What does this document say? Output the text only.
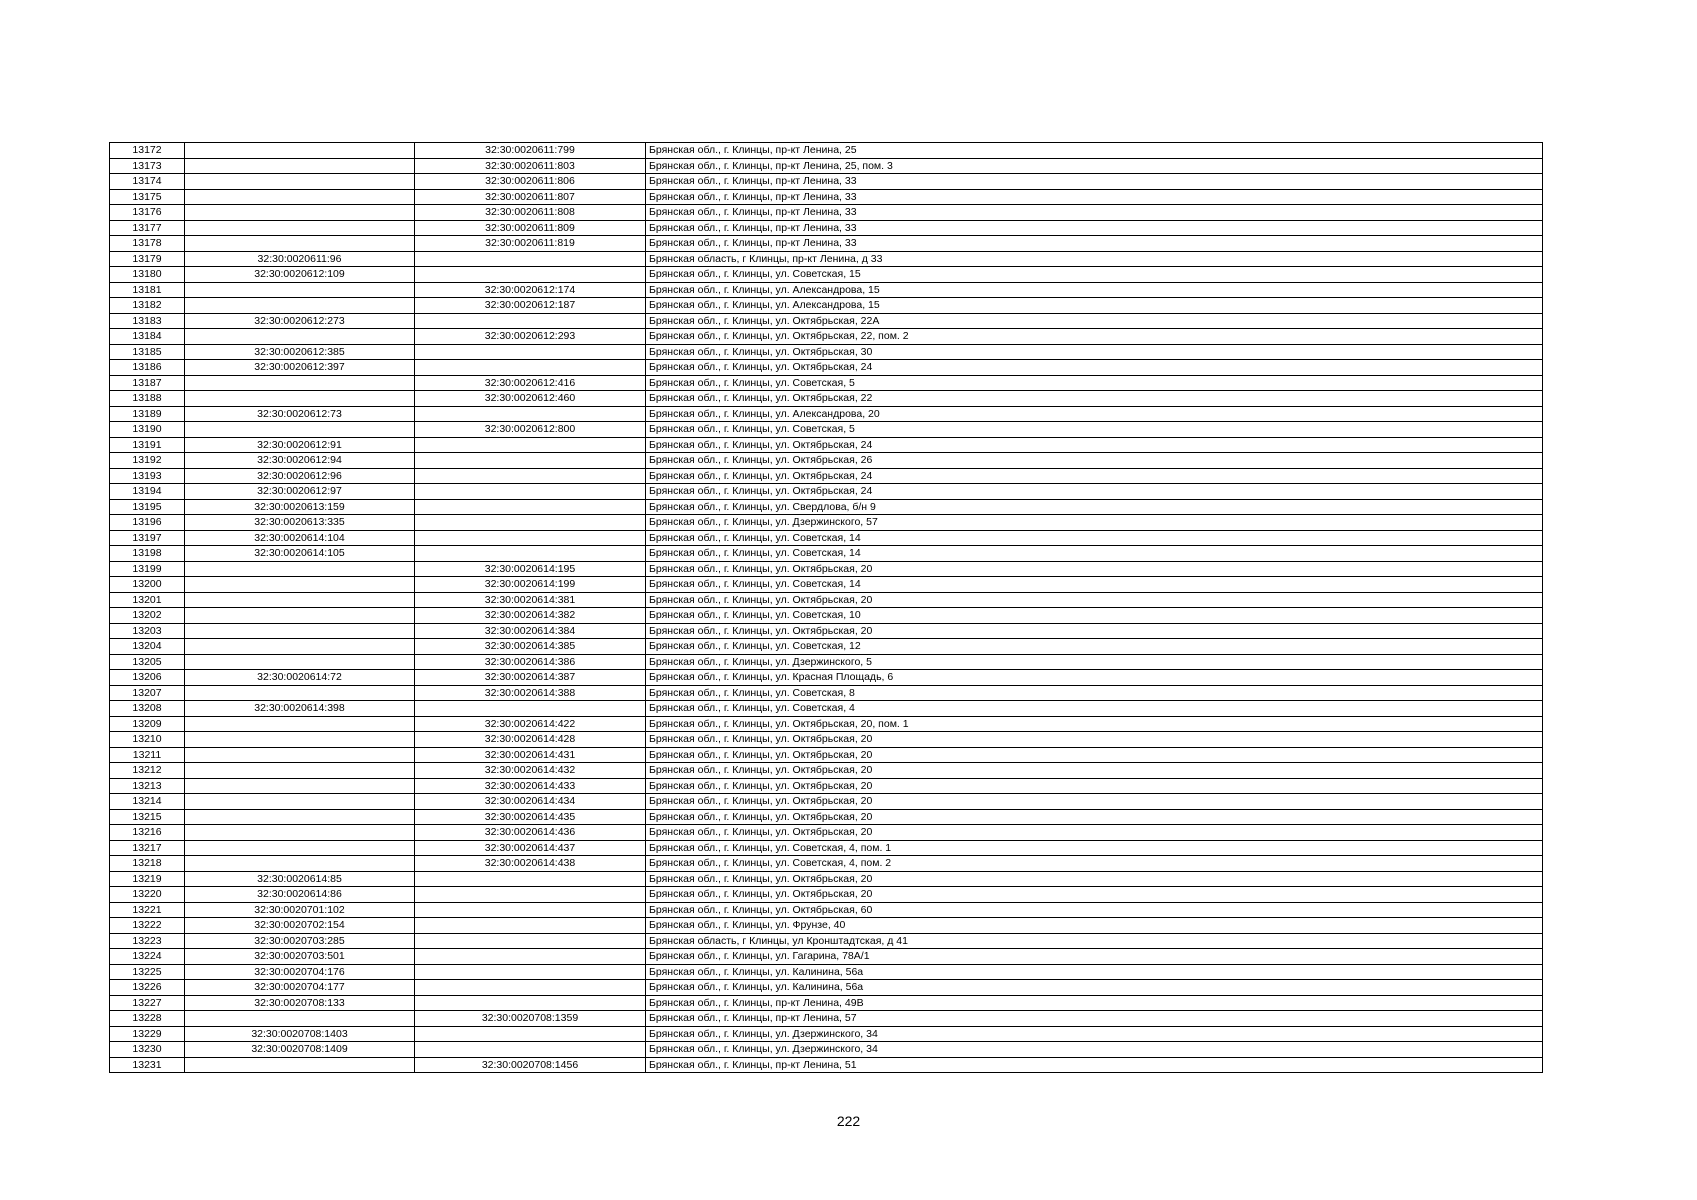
13172		32:30:0020611:799	Брянская обл., г. Клинцы, пр-кт Ленина, 25
13173		32:30:0020611:803	Брянская обл., г. Клинцы, пр-кт Ленина, 25, пом. 3
13174		32:30:0020611:806	Брянская обл., г. Клинцы, пр-кт Ленина, 33
13175		32:30:0020611:807	Брянская обл., г. Клинцы, пр-кт Ленина, 33
13176		32:30:0020611:808	Брянская обл., г. Клинцы, пр-кт Ленина, 33
13177		32:30:0020611:809	Брянская обл., г. Клинцы, пр-кт Ленина, 33
13178		32:30:0020611:819	Брянская обл., г. Клинцы, пр-кт Ленина, 33
13179	32:30:0020611:96		Брянская область, г Клинцы, пр-кт Ленина, д 33
13180	32:30:0020612:109		Брянская обл., г. Клинцы, ул. Советская, 15
13181		32:30:0020612:174	Брянская обл., г. Клинцы, ул. Александрова, 15
13182		32:30:0020612:187	Брянская обл., г. Клинцы, ул. Александрова, 15
13183	32:30:0020612:273		Брянская обл., г. Клинцы, ул. Октябрьская, 22А
13184		32:30:0020612:293	Брянская обл., г. Клинцы, ул. Октябрьская, 22, пом. 2
13185	32:30:0020612:385		Брянская обл., г. Клинцы, ул. Октябрьская, 30
13186	32:30:0020612:397		Брянская обл., г. Клинцы, ул. Октябрьская, 24
13187		32:30:0020612:416	Брянская обл., г. Клинцы, ул. Советская, 5
13188		32:30:0020612:460	Брянская обл., г. Клинцы, ул. Октябрьская, 22
13189	32:30:0020612:73		Брянская обл., г. Клинцы, ул. Александрова, 20
13190		32:30:0020612:800	Брянская обл., г. Клинцы, ул. Советская, 5
13191	32:30:0020612:91		Брянская обл., г. Клинцы, ул. Октябрьская, 24
13192	32:30:0020612:94		Брянская обл., г. Клинцы, ул. Октябрьская, 26
13193	32:30:0020612:96		Брянская обл., г. Клинцы, ул. Октябрьская, 24
13194	32:30:0020612:97		Брянская обл., г. Клинцы, ул. Октябрьская, 24
13195	32:30:0020613:159		Брянская обл., г. Клинцы, ул. Свердлова, б/н 9
13196	32:30:0020613:335		Брянская обл., г. Клинцы, ул. Дзержинского, 57
13197	32:30:0020614:104		Брянская обл., г. Клинцы, ул. Советская, 14
13198	32:30:0020614:105		Брянская обл., г. Клинцы, ул. Советская, 14
13199		32:30:0020614:195	Брянская обл., г. Клинцы, ул. Октябрьская, 20
13200		32:30:0020614:199	Брянская обл., г. Клинцы, ул. Советская, 14
13201		32:30:0020614:381	Брянская обл., г. Клинцы, ул. Октябрьская, 20
13202		32:30:0020614:382	Брянская обл., г. Клинцы, ул. Советская, 10
13203		32:30:0020614:384	Брянская обл., г. Клинцы, ул. Октябрьская, 20
13204		32:30:0020614:385	Брянская обл., г. Клинцы, ул. Советская, 12
13205		32:30:0020614:386	Брянская обл., г. Клинцы, ул. Дзержинского, 5
13206	32:30:0020614:72	32:30:0020614:387	Брянская обл., г. Клинцы, ул. Красная Площадь, 6
13207		32:30:0020614:388	Брянская обл., г. Клинцы, ул. Советская, 8
13208	32:30:0020614:398		Брянская обл., г. Клинцы, ул. Советская, 4
13209		32:30:0020614:422	Брянская обл., г. Клинцы, ул. Октябрьская, 20, пом. 1
13210		32:30:0020614:428	Брянская обл., г. Клинцы, ул. Октябрьская, 20
13211		32:30:0020614:431	Брянская обл., г. Клинцы, ул. Октябрьская, 20
13212		32:30:0020614:432	Брянская обл., г. Клинцы, ул. Октябрьская, 20
13213		32:30:0020614:433	Брянская обл., г. Клинцы, ул. Октябрьская, 20
13214		32:30:0020614:434	Брянская обл., г. Клинцы, ул. Октябрьская, 20
13215		32:30:0020614:435	Брянская обл., г. Клинцы, ул. Октябрьская, 20
13216		32:30:0020614:436	Брянская обл., г. Клинцы, ул. Октябрьская, 20
13217		32:30:0020614:437	Брянская обл., г. Клинцы, ул. Советская, 4, пом. 1
13218		32:30:0020614:438	Брянская обл., г. Клинцы, ул. Советская, 4, пом. 2
13219	32:30:0020614:85		Брянская обл., г. Клинцы, ул. Октябрьская, 20
13220	32:30:0020614:86		Брянская обл., г. Клинцы, ул. Октябрьская, 20
13221	32:30:0020701:102		Брянская обл., г. Клинцы, ул. Октябрьская, 60
13222	32:30:0020702:154		Брянская обл., г. Клинцы, ул. Фрунзе, 40
13223	32:30:0020703:285		Брянская область, г Клинцы, ул Кронштадтская, д 41
13224	32:30:0020703:501		Брянская обл., г. Клинцы, ул. Гагарина, 78А/1
13225	32:30:0020704:176		Брянская обл., г. Клинцы, ул. Калинина, 56а
13226	32:30:0020704:177		Брянская обл., г. Клинцы, ул. Калинина, 56а
13227	32:30:0020708:133		Брянская обл., г. Клинцы, пр-кт Ленина, 49В
13228		32:30:0020708:1359	Брянская обл., г. Клинцы, пр-кт Ленина, 57
13229	32:30:0020708:1403		Брянская обл., г. Клинцы, ул. Дзержинского, 34
13230	32:30:0020708:1409		Брянская обл., г. Клинцы, ул. Дзержинского, 34
13231		32:30:0020708:1456	Брянская обл., г. Клинцы, пр-кт Ленина, 51
222
